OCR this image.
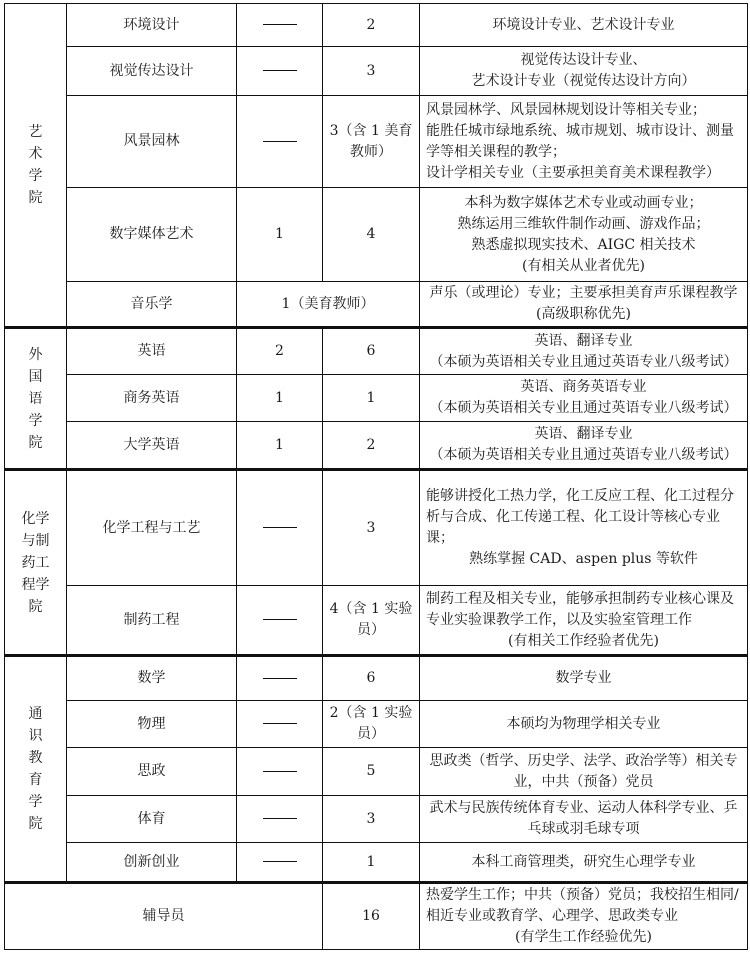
艺术学院	环境设计		2	环境设计专业、艺术设计专业

	视觉传达设计		3	视觉传达设计专业、
艺术设计专业（视觉传达设计方向）

	风景园林		3（含 1 美育教师）	风景园林学、风景园林规划设计等相关专业；
能胜任城市绿地系统、城市规划、城市设计、测量学等相关课程的教学；
设计学相关专业（主要承担美育美术课程教学）

	数字媒体艺术	1	4	本科为数字媒体艺术专业或动画专业；
熟练运用三维软件制作动画、游戏作品；
熟悉虚拟现实技术、AIGC 相关技术
(有相关从业者优先)

	音乐学	1（美育教师）		声乐（或理论）专业；主要承担美育声乐课程教学
(高级职称优先)

外国语学院	英语	2	6	英语、翻译专业
（本硕为英语相关专业且通过英语专业八级考试）

	商务英语	1	1	英语、商务英语专业
（本硕为英语相关专业且通过英语专业八级考试）

	大学英语	1	2	英语、翻译专业
（本硕为英语相关专业且通过英语专业八级考试）

化学与制药工程学院	化学工程与工艺		3	能够讲授化工热力学，化工反应工程、化工过程分析与合成、化工传递工程、化工设计等核心专业课；
熟练掌握 CAD、aspen plus 等软件

	制药工程		4（含 1 实验员）	制药工程及相关专业，能够承担制药专业核心课及专业实验课教学工作，以及实验室管理工作
(有相关工作经验者优先)

通识教育学院	数学		6	数学专业

	物理		2（含 1 实验员）	本硕均为物理学相关专业

	思政		5	思政类（哲学、历史学、法学、政治学等）相关专业，中共（预备）党员

	体育		3	武术与民族传统体育专业、运动人体科学专业、乒乓球或羽毛球专项

	创新创业		1	本科工商管理类，研究生心理学专业

辅导员			16	热爱学生工作；中共（预备）党员；我校招生相同/相近专业或教育学、心理学、思政类专业
(有学生工作经验优先)
